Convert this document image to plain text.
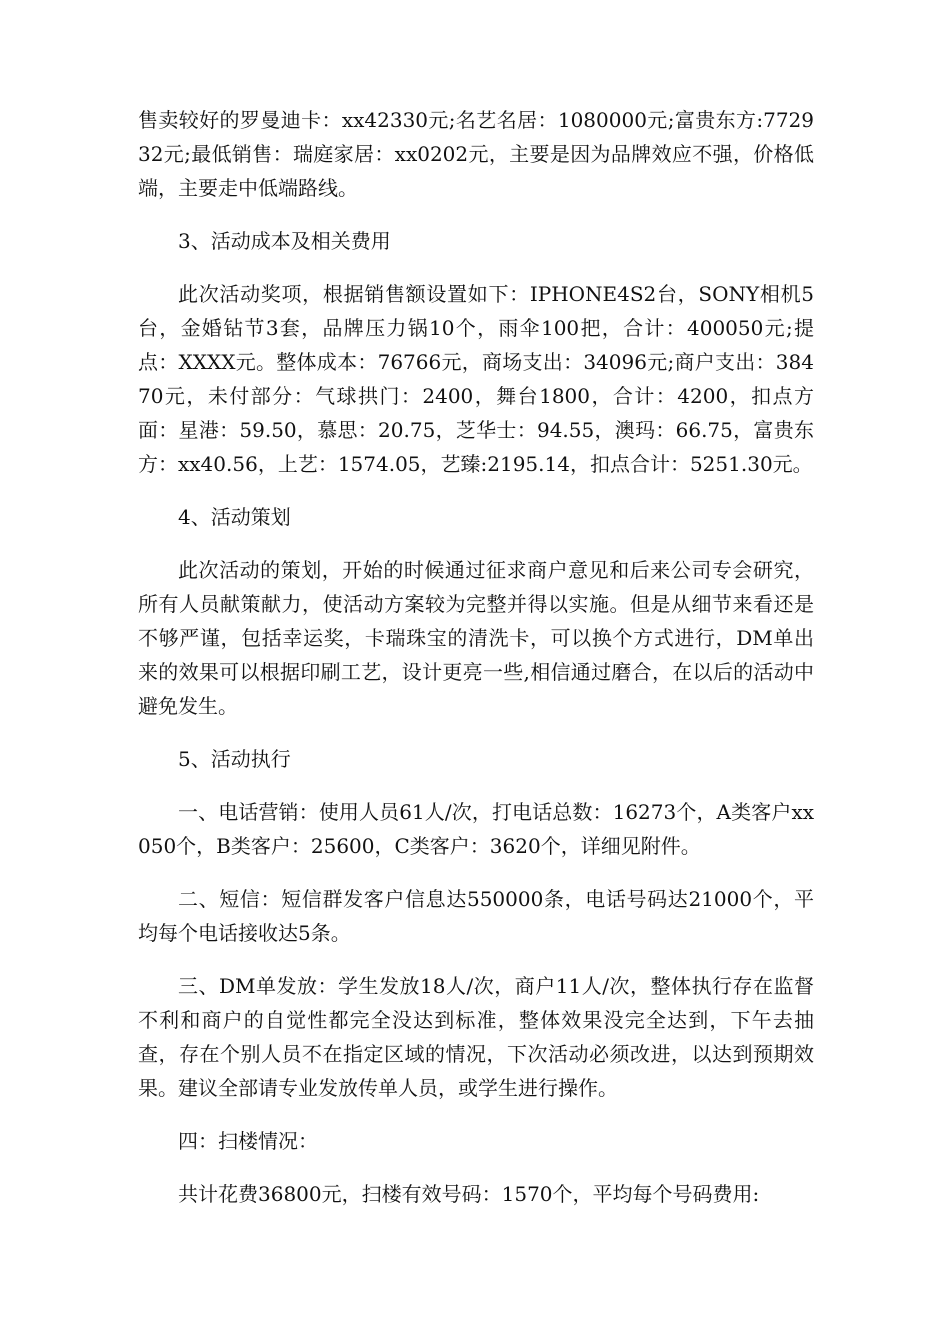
售卖较好的罗曼迪卡：xx42330元;名艺名居：1080000元;富贵东方:772932元;最低销售：瑞庭家居：xx0202元，主要是因为品牌效应不强，价格低端，主要走中低端路线。

3、活动成本及相关费用

此次活动奖项，根据销售额设置如下：IPHONE4S2台，SONY相机5台，金婚钻节3套，品牌压力锅10个，雨伞100把，合计：400050元;提点：XXXX元。整体成本：76766元，商场支出：34096元;商户支出：38470元，未付部分：气球拱门：2400，舞台1800，合计：4200，扣点方面：星港：59.50，慕思：20.75，芝华士：94.55，澳玛：66.75，富贵东方：xx40.56，上艺：1574.05，艺臻:2195.14，扣点合计：5251.30元。

4、活动策划

此次活动的策划，开始的时候通过征求商户意见和后来公司专会研究，所有人员献策献力，使活动方案较为完整并得以实施。但是从细节来看还是不够严谨，包括幸运奖，卡瑞珠宝的清洗卡，可以换个方式进行，DM单出来的效果可以根据印刷工艺，设计更亮一些,相信通过磨合，在以后的活动中避免发生。

5、活动执行

一、电话营销：使用人员61人/次，打电话总数：16273个，A类客户xx050个，B类客户：25600，C类客户：3620个，详细见附件。

二、短信：短信群发客户信息达550000条，电话号码达21000个，平均每个电话接收达5条。

三、DM单发放：学生发放18人/次，商户11人/次，整体执行存在监督不利和商户的自觉性都完全没达到标准，整体效果没完全达到，下午去抽查，存在个别人员不在指定区域的情况，下次活动必须改进，以达到预期效果。建议全部请专业发放传单人员，或学生进行操作。

四：扫楼情况：

共计花费36800元，扫楼有效号码：1570个，平均每个号码费用:
